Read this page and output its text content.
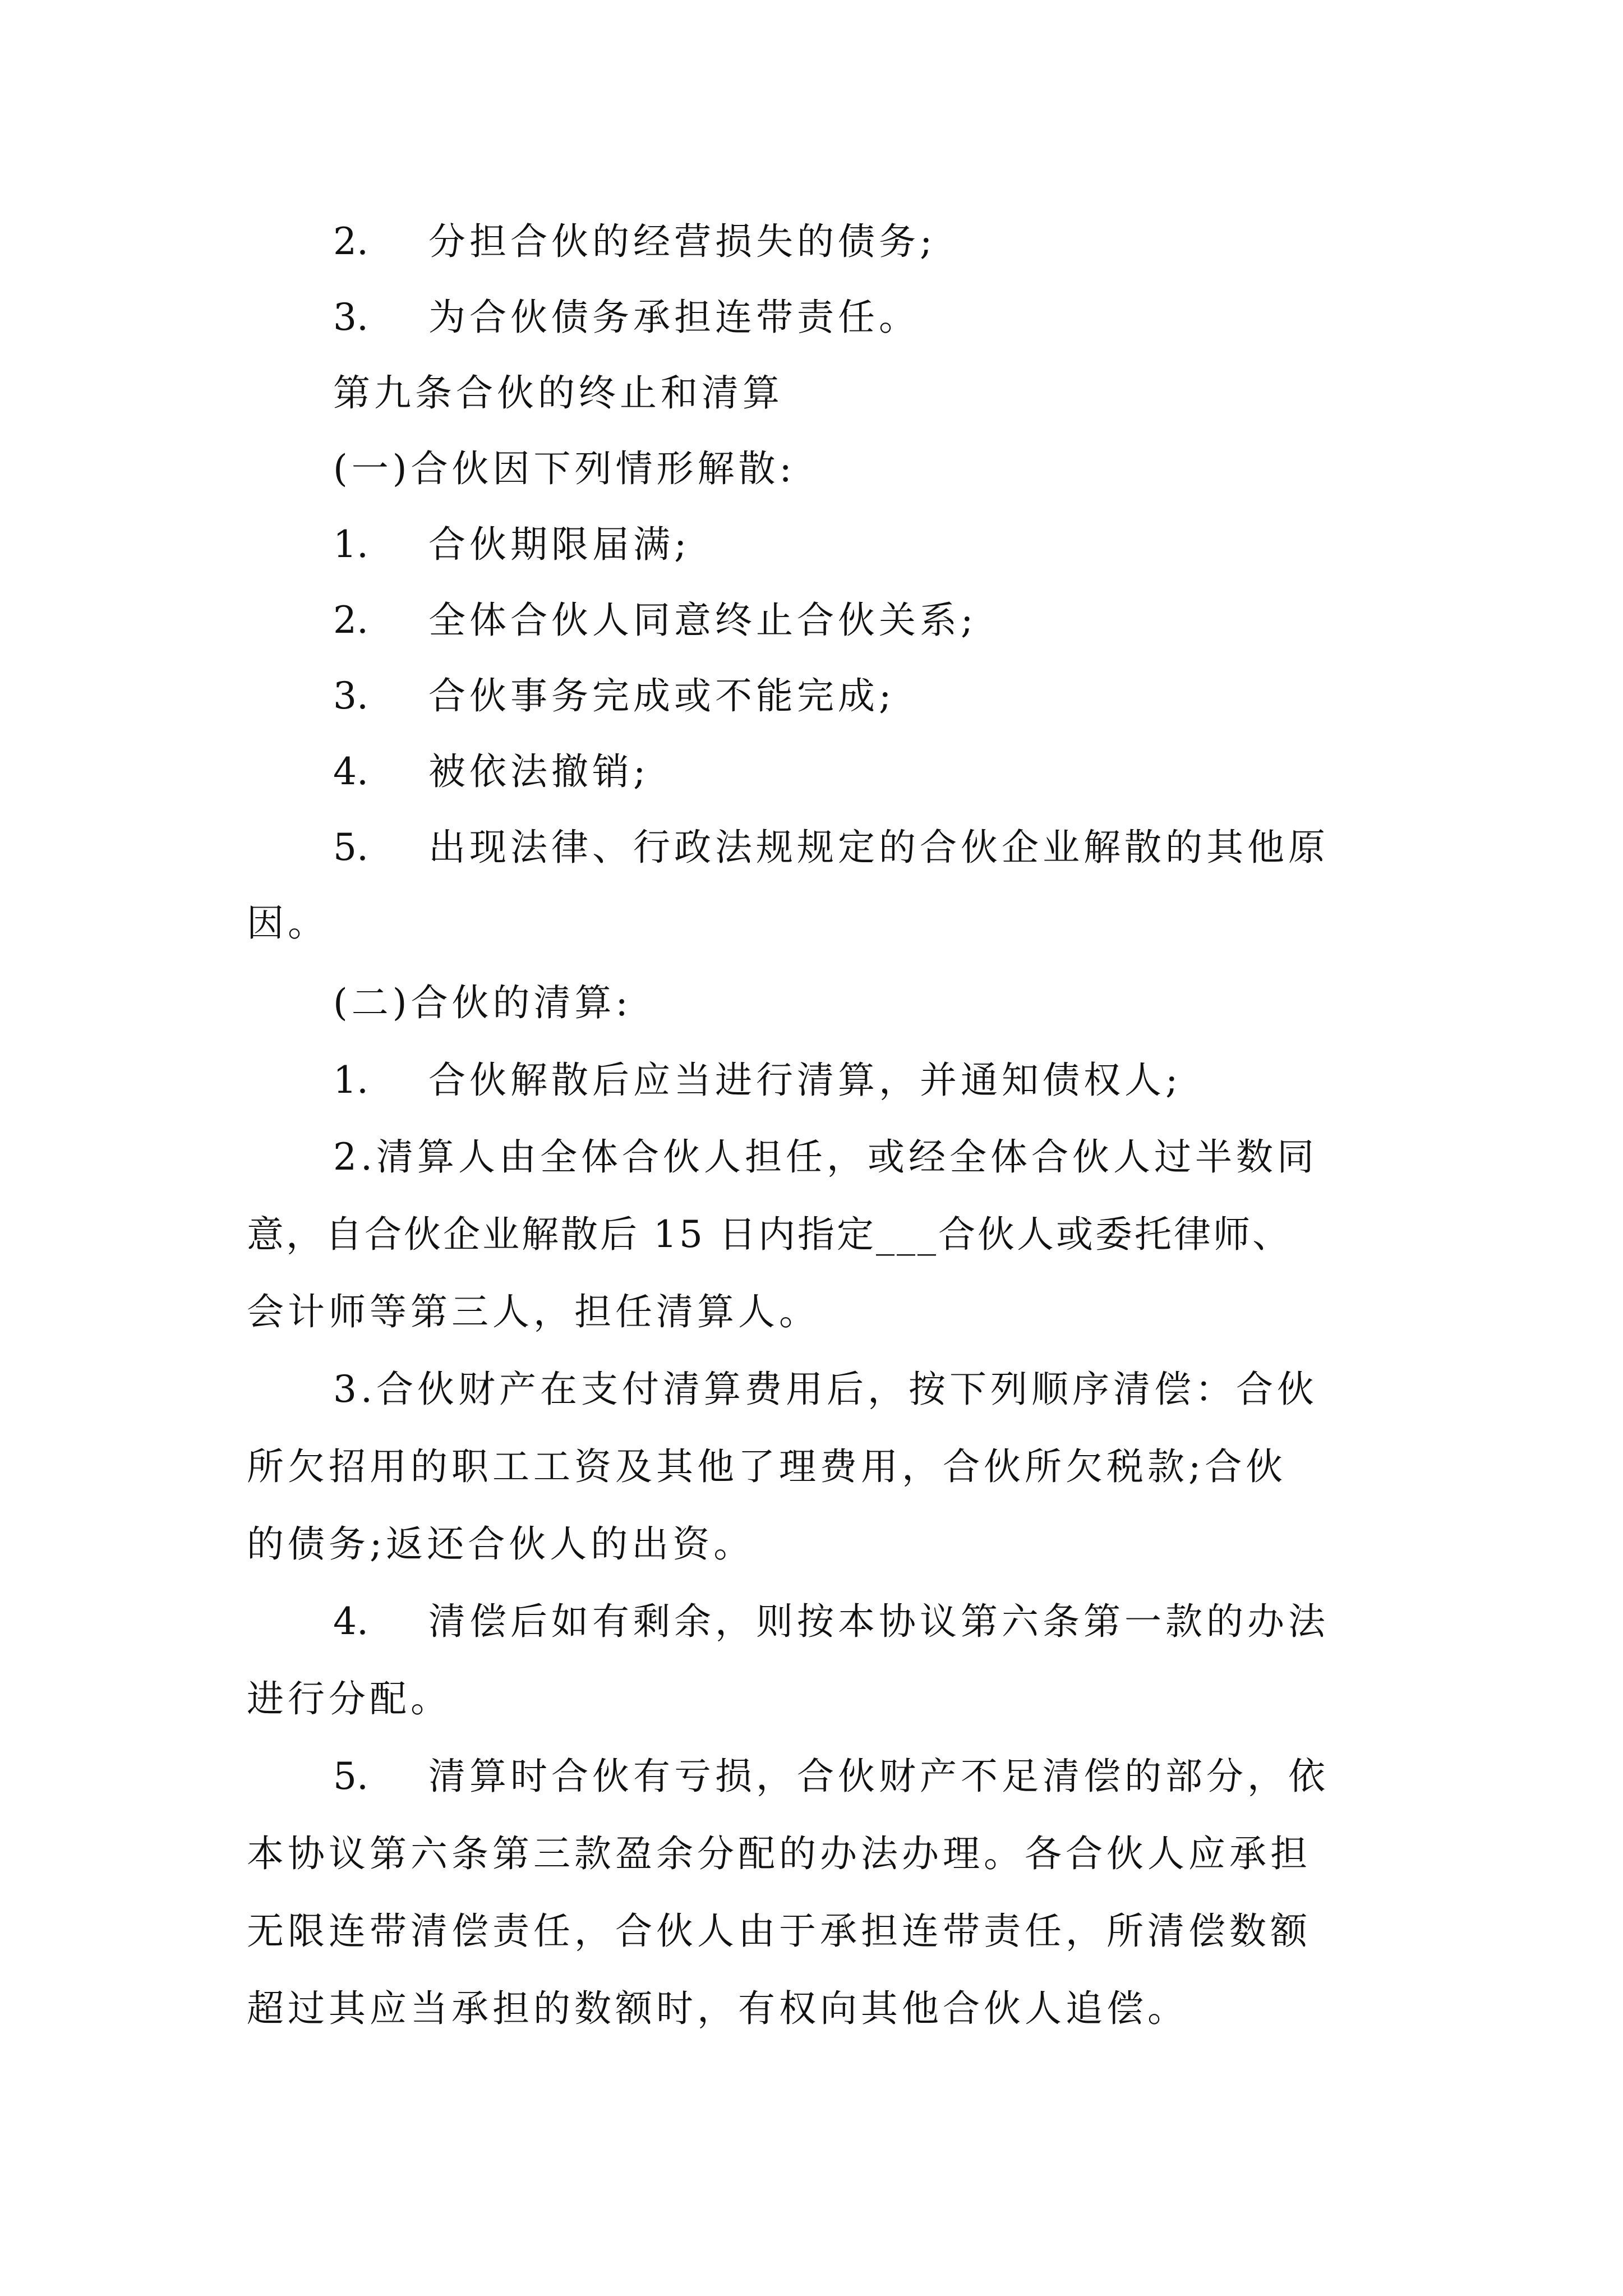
2. 分担合伙的经营损失的债务;
3. 为合伙债务承担连带责任。
第九条合伙的终止和清算
(一)合伙因下列情形解散:
1. 合伙期限届满;
2. 全体合伙人同意终止合伙关系;
3. 合伙事务完成或不能完成;
4. 被依法撤销;
5. 出现法律、行政法规规定的合伙企业解散的其他原
因。
(二)合伙的清算:
1. 合伙解散后应当进行清算，并通知债权人;
2.清算人由全体合伙人担任，或经全体合伙人过半数同
意，自合伙企业解散后 15 日内指定___合伙人或委托律师、
会计师等第三人，担任清算人。
3.合伙财产在支付清算费用后，按下列顺序清偿：合伙
所欠招用的职工工资及其他了理费用，合伙所欠税款;合伙
的债务;返还合伙人的出资。
4. 清偿后如有剩余，则按本协议第六条第一款的办法
进行分配。
5. 清算时合伙有亏损，合伙财产不足清偿的部分，依
本协议第六条第三款盈余分配的办法办理。各合伙人应承担
无限连带清偿责任，合伙人由于承担连带责任，所清偿数额
超过其应当承担的数额时，有权向其他合伙人追偿。
